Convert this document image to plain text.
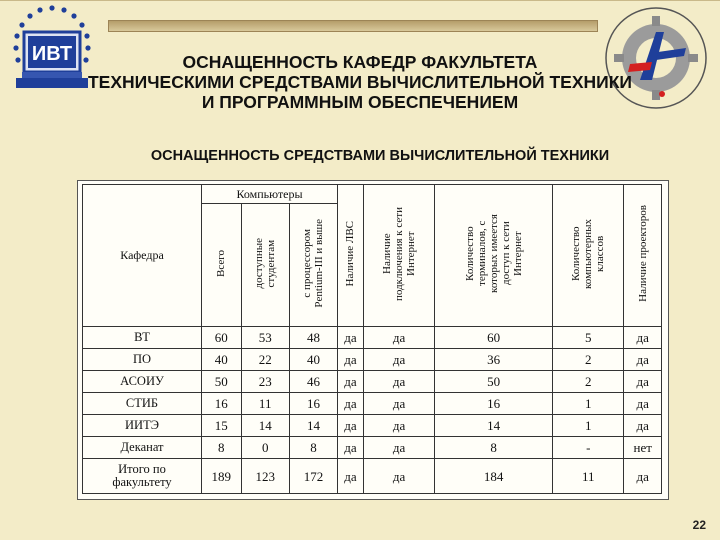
ИВТ	ОСНАЩЕННОСТЬ КАФЕДР ФАКУЛЬТЕТА
ТЕХНИЧЕСКИМИ СРЕДСТВАМИ ВЫЧИСЛИТЕЛЬНОЙ ТЕХНИКИ
И ПРОГРАММНЫМ ОБЕСПЕЧЕНИЕМ
ОСНАЩЕННОСТЬ СРЕДСТВАМИ ВЫЧИСЛИТЕЛЬНОЙ ТЕХНИКИ
Кафедра	Компьютеры			Наличие ЛВС	Наличие
подключения к сети
Интернет	Количество
терминалов, с
которых имеется
доступ к сети
Интернет	Количество
компьютерных
классов	Наличие проекторов
	Всего	доступные
студентам	с процессором
Pentium-III и выше					
ВТ	60	53	48	да	да	60	5	да
ПО	40	22	40	да	да	36	2	да
АСОИУ	50	23	46	да	да	50	2	да
СТИБ	16	11	16	да	да	16	1	да
ИИТЭ	15	14	14	да	да	14	1	да
Деканат	8	0	8	да	да	8	-	нет
Итого по
факультету	189	123	172	да	да	184	11	да
22
